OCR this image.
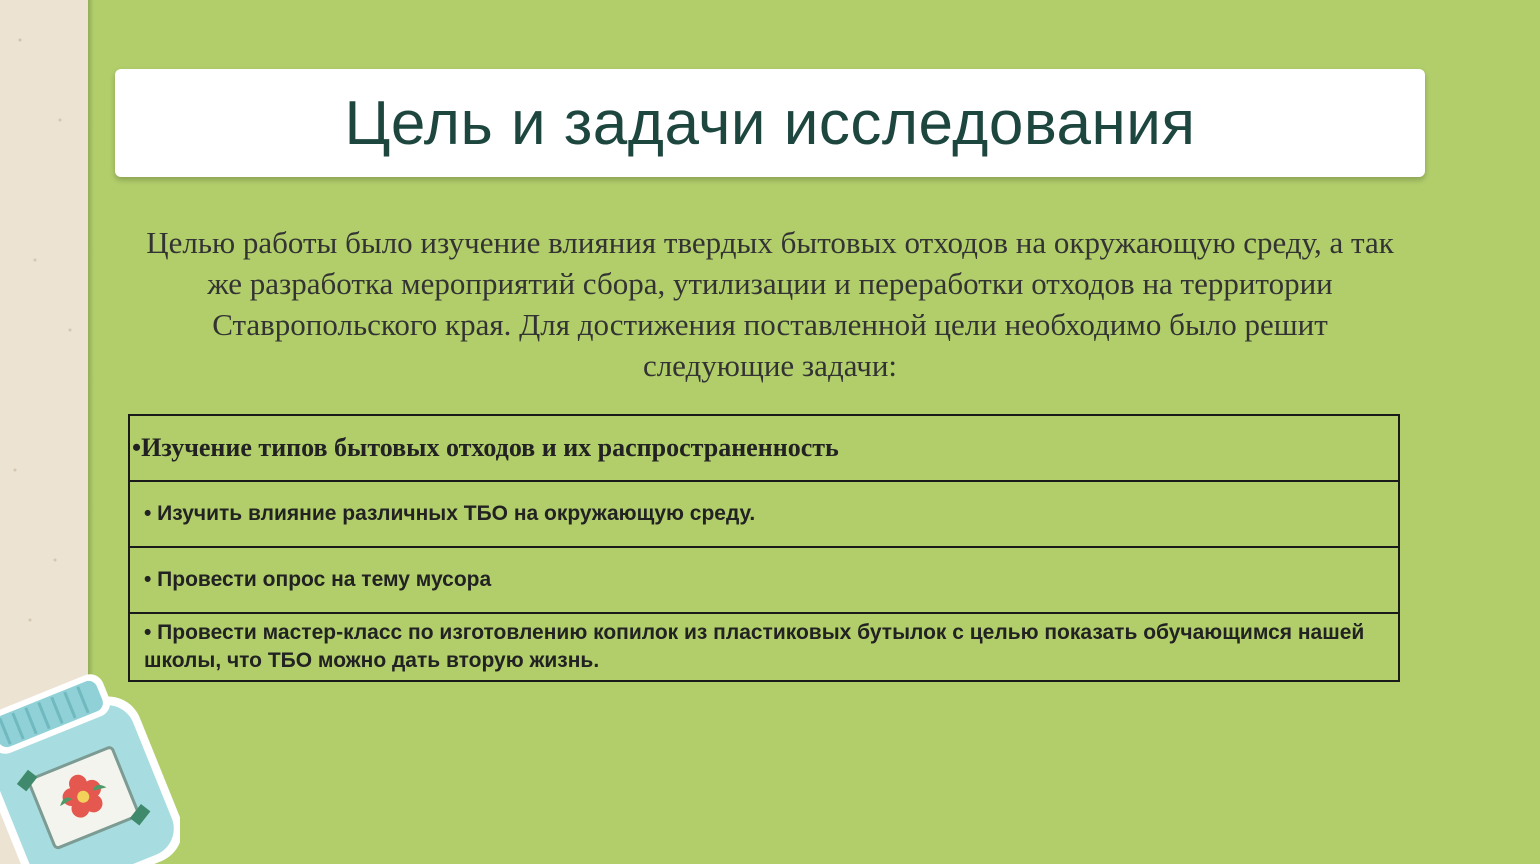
Цель и задачи исследования
Целью работы было изучение влияния твердых бытовых отходов на окружающую среду, а так же разработка мероприятий сбора, утилизации и переработки отходов на территории Ставропольского края. Для достижения поставленной цели необходимо было решит следующие задачи:
•Изучение типов бытовых отходов и их распространенность
• Изучить влияние различных ТБО на окружающую среду.
• Провести опрос на тему мусора
• Провести мастер-класс по изготовлению копилок из пластиковых бутылок с целью показать обучающимся нашей школы, что ТБО можно дать вторую жизнь.
